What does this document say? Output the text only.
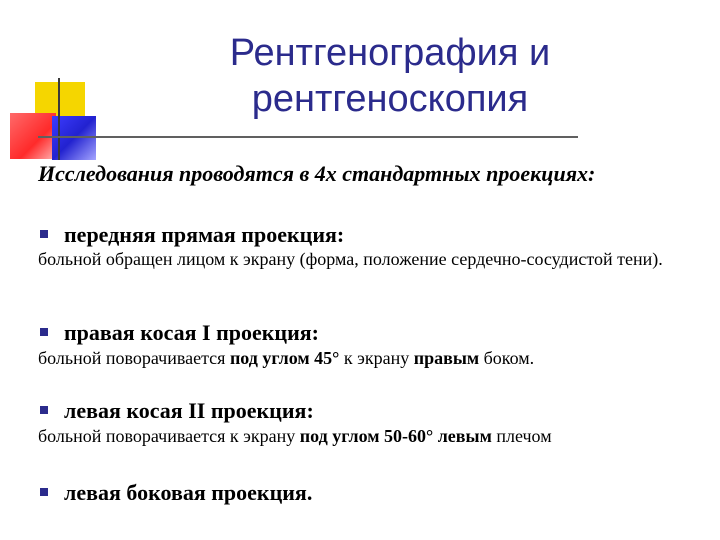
Рентгенография и
рентгеноскопия
Исследования проводятся в 4х стандартных проекциях:
передняя прямая проекция:
больной обращен лицом к экрану (форма, положение сердечно-сосудистой тени).
правая косая I проекция:
больной поворачивается под углом 45° к экрану правым боком.
левая косая II проекция:
больной поворачивается к экрану под углом 50-60° левым плечом
левая боковая проекция.
